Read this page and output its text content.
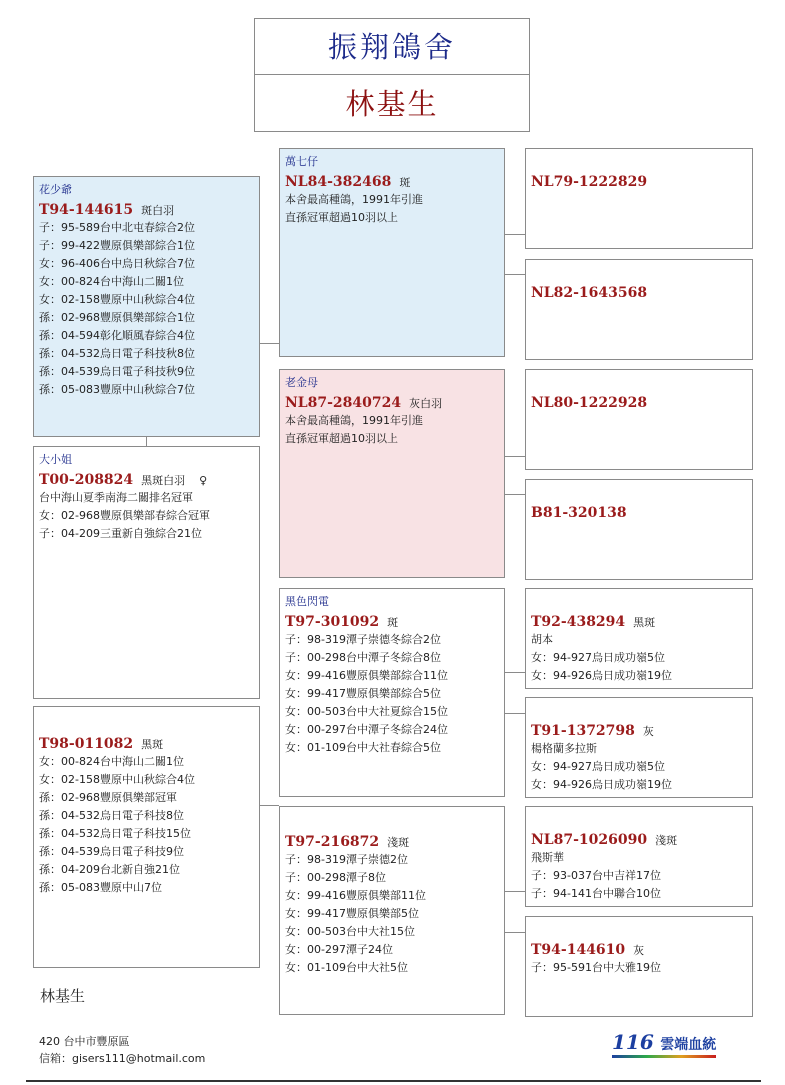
振翔鴿舍
林基生
花少爺
T94-144615 斑白羽
子：95-589台中北屯春綜合2位
子：99-422豐原俱樂部綜合1位
女：96-406台中烏日秋綜合7位
女：00-824台中海山二關1位
女：02-158豐原中山秋綜合4位
孫：02-968豐原俱樂部綜合1位
孫：04-594彰化順風春綜合4位
孫：04-532烏日電子科技秋8位
孫：04-539烏日電子科技秋9位
孫：05-083豐原中山秋綜合7位
大小姐
T00-208824 黑斑白羽 ♀
台中海山夏季南海二關排名冠軍
女：02-968豐原俱樂部春綜合冠軍
子：04-209三重新自強綜合21位
T98-011082 黑斑
女：00-824台中海山二關1位
女：02-158豐原中山秋綜合4位
孫：02-968豐原俱樂部冠軍
孫：04-532烏日電子科技8位
孫：04-532烏日電子科技15位
孫：04-539烏日電子科技9位
孫：04-209台北新自強21位
孫：05-083豐原中山7位
萬七仔
NL84-382468 斑
本舍最高種鴿，1991年引進
直孫冠軍超過10羽以上
老金母
NL87-2840724 灰白羽
本舍最高種鴿，1991年引進
直孫冠軍超過10羽以上
黑色閃電
T97-301092 斑
子：98-319潭子崇德冬綜合2位
子：00-298台中潭子冬綜合8位
女：99-416豐原俱樂部綜合11位
女：99-417豐原俱樂部綜合5位
女：00-503台中大社夏綜合15位
女：00-297台中潭子冬綜合24位
女：01-109台中大社春綜合5位
T97-216872 淺斑
子：98-319潭子崇德2位
子：00-298潭子8位
女：99-416豐原俱樂部11位
女：99-417豐原俱樂部5位
女：00-503台中大社15位
女：00-297潭子24位
女：01-109台中大社5位
NL79-1222829
NL82-1643568
NL80-1222928
B81-320138
T92-438294 黑斑
胡本
女：94-927烏日成功嶺5位
女：94-926烏日成功嶺19位
T91-1372798 灰
楊格蘭多拉斯
女：94-927烏日成功嶺5位
女：94-926烏日成功嶺19位
NL87-1026090 淺斑
飛斯華
子：93-037台中吉祥17位
子：94-141台中聯合10位
T94-144610 灰
子：95-591台中大雅19位
林基生
420 台中市豐原區
信箱：gisers111@hotmail.com
116 雲端血統
